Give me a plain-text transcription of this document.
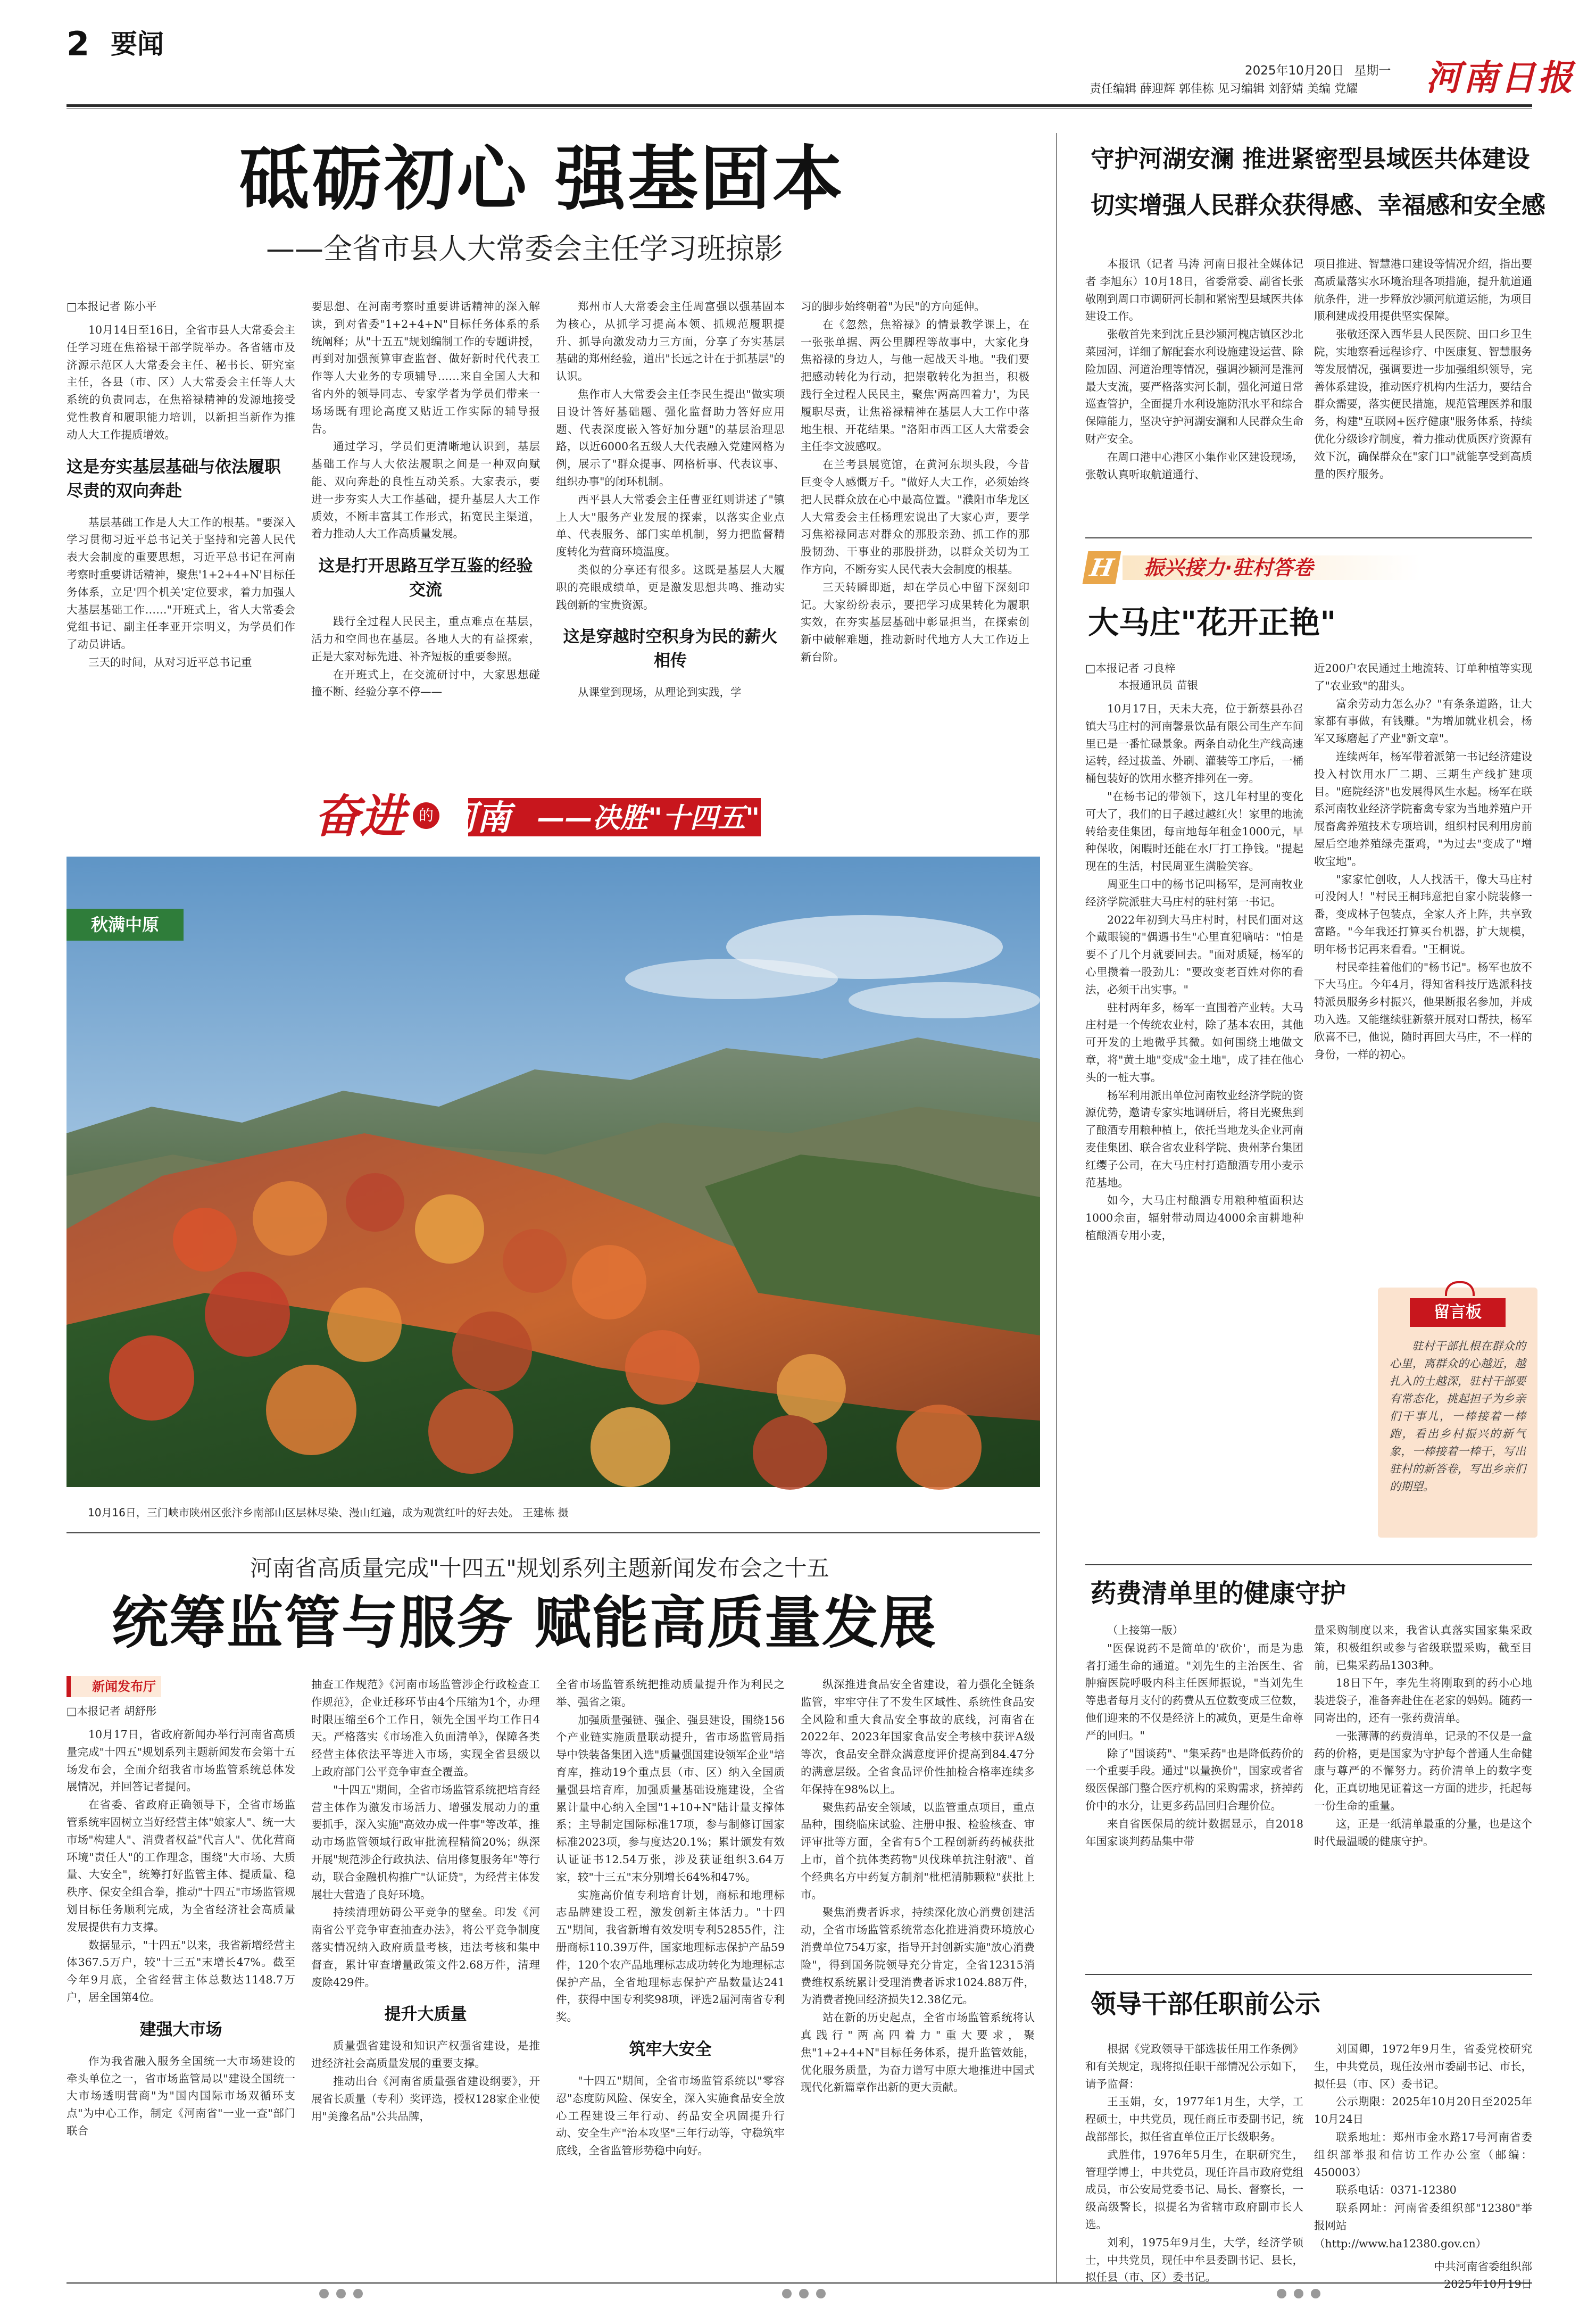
2 要闻
2025年10月20日 星期一
责任编辑 薛迎辉 郭佳栋 见习编辑 刘舒婧 美编 党耀 河南日报
砥砺初心 强基固本
——全省市县人大常委会主任学习班掠影

□本报记者 陈小平

10月14日至16日，全省市县人大常委会主任学习班在焦裕禄干部学院举办。各省辖市及济源示范区人大常委会主任、秘书长、研究室主任，各县（市、区）人大常委会主任等人大系统的负责同志，在焦裕禄精神的发源地接受党性教育和履职能力培训，以新担当新作为推动人大工作提质增效。

这是夯实基层基础与依法履职尽责的双向奔赴

基层基础工作是人大工作的根基。"要深入学习贯彻习近平总书记关于坚持和完善人民代表大会制度的重要思想，习近平总书记在河南考察时重要讲话精神，聚焦'1+2+4+N'目标任务体系，立足'四个机关'定位要求，着力加强人大基层基础工作……"开班式上，省人大常委会党组书记、副主任李亚开宗明义，为学员们作了动员讲话。

三天的时间，从对习近平总书记重

要思想、在河南考察时重要讲话精神的深入解读，到对省委"1+2+4+N"目标任务体系的系统阐释；从"十五五"规划编制工作的专题讲授，再到对加强预算审查监督、做好新时代代表工作等人大业务的专项辅导……来自全国人大和省内外的领导同志、专家学者为学员们带来一场场既有理论高度又贴近工作实际的辅导报告。

通过学习，学员们更清晰地认识到，基层基础工作与人大依法履职之间是一种双向赋能、双向奔赴的良性互动关系。大家表示，要进一步夯实人大工作基础，提升基层人大工作质效，不断丰富其工作形式，拓宽民主渠道，着力推动人大工作高质量发展。

这是打开思路互学互鉴的经验交流

践行全过程人民民主，重点难点在基层，活力和空间也在基层。各地人大的有益探索，正是大家对标先进、补齐短板的重要参照。

在开班式上，在交流研讨中，大家思想碰撞不断、经验分享不停——

郑州市人大常委会主任周富强以强基固本为核心，从抓学习提高本领、抓规范履职提升、抓导向激发动力三方面，分享了夯实基层基础的郑州经验，道出"长远之计在于抓基层"的认识。

焦作市人大常委会主任李民生提出"做实项目设计答好基础题、强化监督助力答好应用题、代表深度嵌入答好加分题"的基层治理思路，以近6000名五级人大代表融入党建网格为例，展示了"群众提事、网格析事、代表议事、组织办事"的闭环机制。

西平县人大常委会主任曹亚红则讲述了"镇上人大"服务产业发展的探索，以落实企业点单、代表服务、部门实单机制，努力把监督精度转化为营商环境温度。

类似的分享还有很多。这既是基层人大履职的亮眼成绩单，更是激发思想共鸣、推动实践创新的宝贵资源。

这是穿越时空积身为民的薪火相传

从课堂到现场，从理论到实践，学

习的脚步始终朝着"为民"的方向延伸。

在《忽然，焦裕禄》的情景教学课上，在一张张单据、两公里脚程等故事中，大家化身焦裕禄的身边人，与他一起战天斗地。"我们要把感动转化为行动，把崇敬转化为担当，积极践行全过程人民民主，聚焦'两高四着力'，为民履职尽责，让焦裕禄精神在基层人大工作中落地生根、开花结果。"洛阳市西工区人大常委会主任李文波感叹。

在兰考县展览馆，在黄河东坝头段，今昔巨变令人感慨万千。"做好人大工作，必须始终把人民群众放在心中最高位置。"濮阳市华龙区人大常委会主任杨理宏说出了大家心声，要学习焦裕禄同志对群众的那股亲劲、抓工作的那股韧劲、干事业的那股拼劲，以群众关切为工作方向，不断夯实人民代表大会制度的根基。

三天转瞬即逝，却在学员心中留下深刻印记。大家纷纷表示，要把学习成果转化为履职实效，在夯实基层基础中彰显担当，在探索创新中破解难题，推动新时代地方人大工作迈上新台阶。

奋进 的 河南 ——决胜"十四五"
秋满中原
10月16日，三门峡市陕州区张汴乡南部山区层林尽染、漫山红遍，成为观赏红叶的好去处。 王建栋 摄
河南省高质量完成"十四五"规划系列主题新闻发布会之十五
统筹监管与服务 赋能高质量发展
新闻发布厅

□本报记者 胡舒彤

10月17日，省政府新闻办举行河南省高质量完成"十四五"规划系列主题新闻发布会第十五场发布会，全面介绍我省市场监管系统总体发展情况，并回答记者提问。

在省委、省政府正确领导下，全省市场监管系统牢固树立当好经营主体"娘家人"、统一大市场"构建人"、消费者权益"代言人"、优化营商环境"责任人"的工作理念，围绕"大市场、大质量、大安全"，统筹打好监管主体、提质量、稳秩序、保安全组合拳，推动"十四五"市场监管规划目标任务顺利完成，为全省经济社会高质量发展提供有力支撑。

数据显示，"十四五"以来，我省新增经营主体367.5万户，较"十三五"末增长47%。截至今年9月底，全省经营主体总数达1148.7万户，居全国第4位。

建强大市场

作为我省融入服务全国统一大市场建设的牵头单位之一，省市场监管局以"建设全国统一大市场透明营商"为"国内国际市场双循环支点"为中心工作，制定《河南省"一业一查"部门联合

抽查工作规范》《河南市场监管涉企行政检查工作规范》，企业迁移环节由4个压缩为1个，办理时限压缩至6个工作日，领先全国平均工作日4天。严格落实《市场准入负面清单》，保障各类经营主体依法平等进入市场，实现全省县级以上政府部门公平竞争审查全覆盖。

"十四五"期间，全省市场监管系统把培育经营主体作为激发市场活力、增强发展动力的重要抓手，深入实施"高效办成一件事"等改革，推动市场监管领域行政审批流程精简20%；纵深开展"规范涉企行政执法、信用修复服务年"等行动，联合金融机构推广"认证贷"，为经营主体发展壮大营造了良好环境。

持续清理妨碍公平竞争的壁垒。印发《河南省公平竞争审查抽查办法》，将公平竞争制度落实情况纳入政府质量考核，违法考核和集中督查，累计审查增量政策文件2.68万件，清理废除429件。

提升大质量

质量强省建设和知识产权强省建设，是推进经济社会高质量发展的重要支撑。

推动出台《河南省质量强省建设纲要》，开展省长质量（专利）奖评选，授权128家企业使用"美豫名品"公共品牌，

全省市场监管系统把推动质量提升作为利民之举、强省之策。

加强质量强链、强企、强县建设，围绕156个产业链实施质量联动提升，省市场监管局指导中铁装备集团入选"质量强国建设领军企业"培育库，推动19个重点县（市、区）纳入全国质量强县培育库，加强质量基础设施建设，全省累计量中心纳入全国"1+10+N"陆计量支撑体系；主导制定国际标准17项，参与制修订国家标准2023项，参与度达20.1%；累计颁发有效认证证书12.54万张，涉及获证组织3.64万家，较"十三五"末分别增长64%和47%。

实施高价值专利培育计划，商标和地理标志品牌建设工程，激发创新主体活力。"十四五"期间，我省新增有效发明专利52855件，注册商标110.39万件，国家地理标志保护产品59件，120个农产品地理标志成功转化为地理标志保护产品，全省地理标志保护产品数量达241件，获得中国专利奖98项，评选2届河南省专利奖。

筑牢大安全

"十四五"期间，全省市场监管系统以"零容忍"态度防风险、保安全，深入实施食品安全放心工程建设三年行动、药品安全巩固提升行动、安全生产"治本攻坚"三年行动等，守稳筑牢底线，全省监管形势稳中向好。

纵深推进食品安全省建设，着力强化全链条监管，牢牢守住了不发生区域性、系统性食品安全风险和重大食品安全事故的底线，河南省在2022年、2023年国家食品安全考核中获评A级等次，食品安全群众满意度评价提高到84.47分的满意层级。全省食品评价性抽检合格率连续多年保持在98%以上。

聚焦药品安全领域，以监管重点项目，重点品种，围绕临床试验、注册申报、检验核查、审评审批等方面，全省有5个工程创新药药械获批上市，首个抗体类药物"贝伐珠单抗注射液"、首个经典名方中药复方制剂"枇杷清肺颗粒"获批上市。

聚焦消费者诉求，持续深化放心消费创建活动，全省市场监管系统常态化推进消费环境放心消费单位754万家，指导开封创新实施"放心消费险"，得到国务院领导充分肯定，全省12315消费维权系统累计受理消费者诉求1024.88万件，为消费者挽回经济损失12.38亿元。

站在新的历史起点，全省市场监管系统将认真践行"两高四着力"重大要求，聚焦"1+2+4+N"目标任务体系，提升监管效能，优化服务质量，为奋力谱写中原大地推进中国式现代化新篇章作出新的更大贡献。

守护河湖安澜 推进紧密型县域医共体建设
切实增强人民群众获得感、幸福感和安全感

本报讯（记者 马涛 河南日报社全媒体记者 李旭东）10月18日，省委常委、副省长张敬刚到周口市调研河长制和紧密型县域医共体建设工作。

张敬首先来到沈丘县沙颍河槐店镇区沙北菜园河，详细了解配套水利设施建设运营、除险加固、河道治理等情况，强调沙颍河是淮河最大支流，要严格落实河长制，强化河道日常巡查管护，全面提升水利设施防汛水平和综合保障能力，坚决守护河湖安澜和人民群众生命财产安全。

在周口港中心港区小集作业区建设现场，张敬认真听取航道通行、

项目推进、智慧港口建设等情况介绍，指出要高质量落实水环境治理各项措施，提升航道通航条件，进一步释放沙颍河航道运能，为项目顺利建成投用提供坚实保障。

张敬还深入西华县人民医院、田口乡卫生院，实地察看远程诊疗、中医康复、智慧服务等发展情况，强调要进一步加强组织领导，完善体系建设，推动医疗机构内生活力，要结合群众需要，落实便民措施，规范管理医养和服务，构建"互联网+医疗健康"服务体系，持续优化分级诊疗制度，着力推动优质医疗资源有效下沉，确保群众在"家门口"就能享受到高质量的医疗服务。

H 振兴接力·驻村答卷
大马庄"花开正艳"

□本报记者 刁良梓

本报通讯员 苗银

10月17日，天未大亮，位于新蔡县孙召镇大马庄村的河南馨景饮品有限公司生产车间里已是一番忙碌景象。两条自动化生产线高速运转，经过拔盖、外刷、灌装等工序后，一桶桶包装好的饮用水整齐排列在一旁。

"在杨书记的带领下，这几年村里的变化可大了，我们的日子越过越红火！家里的地流转给麦佳集团，每亩地每年租金1000元，早种保收，闲暇时还能在水厂打工挣钱。"提起现在的生活，村民周亚生满脸笑容。

周亚生口中的杨书记叫杨军，是河南牧业经济学院派驻大马庄村的驻村第一书记。

2022年初到大马庄村时，村民们面对这个戴眼镜的"偶遇书生"心里直犯嘀咕："怕是要不了几个月就要回去。"面对质疑，杨军的心里攒着一股劲儿："要改变老百姓对你的看法，必须干出实事。"

驻村两年多，杨军一直围着产业转。大马庄村是一个传统农业村，除了基本农田，其他可开发的土地微乎其微。如何围绕土地做文章，将"黄土地"变成"金土地"，成了挂在他心头的一桩大事。

杨军利用派出单位河南牧业经济学院的资源优势，邀请专家实地调研后，将目光聚焦到了酿酒专用粮种植上，依托当地龙头企业河南麦佳集团、联合省农业科学院、贵州茅台集团红缨子公司，在大马庄村打造酿酒专用小麦示范基地。

如今，大马庄村酿酒专用粮种植面积达1000余亩，辐射带动周边4000余亩耕地种植酿酒专用小麦，

近200户农民通过土地流转、订单种植等实现了"农业致"的甜头。

富余劳动力怎么办？"有条条道路，让大家都有事做，有钱赚。"为增加就业机会，杨军又琢磨起了产业"新文章"。

连续两年，杨军带着派第一书记经济建设投入村饮用水厂二期、三期生产线扩建项目。"庭院经济"也发展得风生水起。杨军在联系河南牧业经济学院畜禽专家为当地养殖户开展畜禽养殖技术专项培训，组织村民利用房前屋后空地养殖绿壳蛋鸡，"为过去"变成了"增收宝地"。

"家家忙创收，人人找活干，像大马庄村可没闲人！"村民王桐玮意把自家小院装修一番，变成林子包装点，全家人齐上阵，共享致富路。"今年我还打算买台机器，扩大规模，明年杨书记再来看看。"王桐说。

村民牵挂着他们的"杨书记"。杨军也放不下大马庄。今年4月，得知省科技厅选派科技特派员服务乡村振兴，他果断报名参加，并成功入选。又能继续驻新蔡开展对口帮扶，杨军欣喜不已，他说，随时再回大马庄，不一样的身份，一样的初心。

留言板
驻村干部扎根在群众的心里，离群众的心越近，越扎入的土越深，驻村干部要有常态化，挑起担子为乡亲们干事儿，一棒接着一棒跑，看出乡村振兴的新气象，一棒接着一棒干，写出驻村的新答卷，写出乡亲们的期望。
药费清单里的健康守护

（上接第一版）

"医保说药不是简单的'砍价'，而是为患者打通生命的通道。"刘先生的主治医生、省肿瘤医院呼吸内科主任医师振说，"当刘先生等患者每月支付的药费从五位数变成三位数，他们迎来的不仅是经济上的减负，更是生命尊严的回归。"

除了"国谈药"、"集采药"也是降低药价的一个重要手段。通过"以量换价"，国家或者省级医保部门整合医疗机构的采购需求，挤掉药价中的水分，让更多药品回归合理价位。

来自省医保局的统计数据显示，自2018年国家谈判药品集中带

量采购制度以来，我省认真落实国家集采政策，积极组织或参与省级联盟采购，截至目前，已集采药品1303种。

18日下午，李先生将刚取到的药小心地装进袋子，准备奔赴住在老家的妈妈。随药一同寄出的，还有一张药费清单。

一张薄薄的药费清单，记录的不仅是一盒药的价格，更是国家为守护每个普通人生命健康与尊严的不懈努力。药价清单上的数字变化，正真切地见证着这一方面的进步，托起每一份生命的重量。

这，正是一纸清单最重的分量，也是这个时代最温暖的健康守护。

领导干部任职前公示

根据《党政领导干部选拔任用工作条例》和有关规定，现将拟任职干部情况公示如下，请予监督：

王玉娟，女，1977年1月生，大学，工程硕士，中共党员，现任商丘市委副书记，统战部部长，拟任省直单位正厅长级职务。

武胜伟，1976年5月生，在职研究生，管理学博士，中共党员，现任许昌市政府党组成员，市公安局党委书记、局长、督察长，一级高级警长，拟提名为省辖市政府副市长人选。

刘利，1975年9月生，大学，经济学硕士，中共党员，现任中牟县委副书记、县长，拟任县（市、区）委书记。

刘国卿，1972年9月生，省委党校研究生，中共党员，现任汝州市委副书记、市长，拟任县（市、区）委书记。

公示期限：2025年10月20日至2025年10月24日

联系地址：郑州市金水路17号河南省委组织部举报和信访工作办公室（邮编：450003）

联系电话：0371-12380

联系网址：河南省委组织部"12380"举报网站

（http://www.ha12380.gov.cn）

中共河南省委组织部

2025年10月19日
